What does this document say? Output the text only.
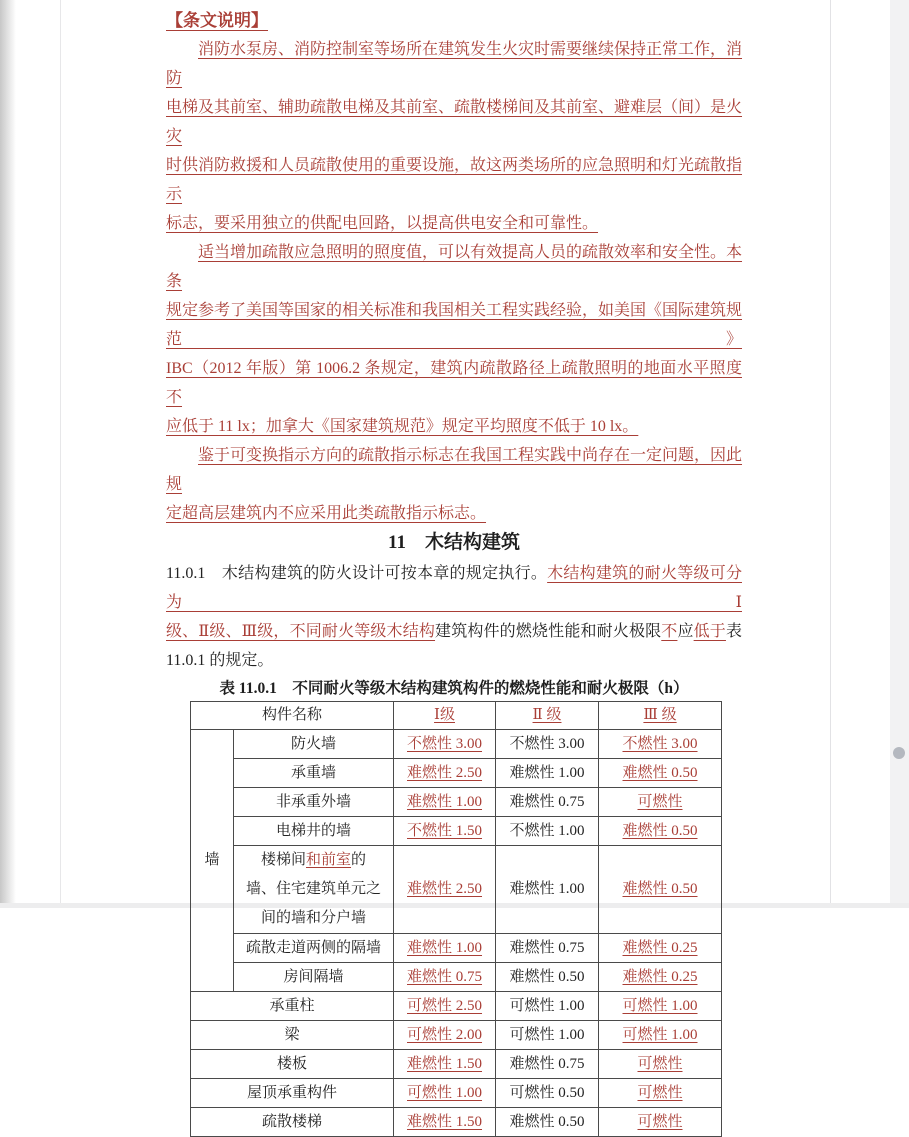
【条文说明】
消防水泵房、消防控制室等场所在建筑发生火灾时需要继续保持正常工作，消防
电梯及其前室、辅助疏散电梯及其前室、疏散楼梯间及其前室、避难层（间）是火灾
时供消防救援和人员疏散使用的重要设施，故这两类场所的应急照明和灯光疏散指示
标志，要采用独立的供配电回路，以提高供电安全和可靠性。
适当增加疏散应急照明的照度值，可以有效提高人员的疏散效率和安全性。本条
规定参考了美国等国家的相关标准和我国相关工程实践经验，如美国《国际建筑规范》
IBC（2012 年版）第 1006.2 条规定，建筑内疏散路径上疏散照明的地面水平照度不
应低于 11 lx；加拿大《国家建筑规范》规定平均照度不低于 10 lx。
鉴于可变换指示方向的疏散指示标志在我国工程实践中尚存在一定问题，因此规
定超高层建筑内不应采用此类疏散指示标志。
11　木结构建筑
11.0.1　木结构建筑的防火设计可按本章的规定执行。木结构建筑的耐火等级可分为Ⅰ
级、Ⅱ级、Ⅲ级，不同耐火等级木结构建筑构件的燃烧性能和耐火极限不应低于表
11.0.1 的规定。
表 11.0.1　不同耐火等级木结构建筑构件的燃烧性能和耐火极限（h）
构件名称		Ⅰ级	Ⅱ 级	Ⅲ 级
墙	防火墙	不燃性 3.00	不燃性 3.00	不燃性 3.00
	承重墙	难燃性 2.50	难燃性 1.00	难燃性 0.50
	非承重外墙	难燃性 1.00	难燃性 0.75	可燃性
	电梯井的墙	不燃性 1.50	不燃性 1.00	难燃性 0.50
	楼梯间和前室的墙、住宅建筑单元之间的墙和分户墙	难燃性 2.50	难燃性 1.00	难燃性 0.50
	疏散走道两侧的隔墙	难燃性 1.00	难燃性 0.75	难燃性 0.25
	房间隔墙	难燃性 0.75	难燃性 0.50	难燃性 0.25
承重柱		可燃性 2.50	可燃性 1.00	可燃性 1.00
梁		可燃性 2.00	可燃性 1.00	可燃性 1.00
楼板		难燃性 1.50	难燃性 0.75	可燃性
屋顶承重构件		可燃性 1.00	可燃性 0.50	可燃性
疏散楼梯		难燃性 1.50	难燃性 0.50	可燃性
